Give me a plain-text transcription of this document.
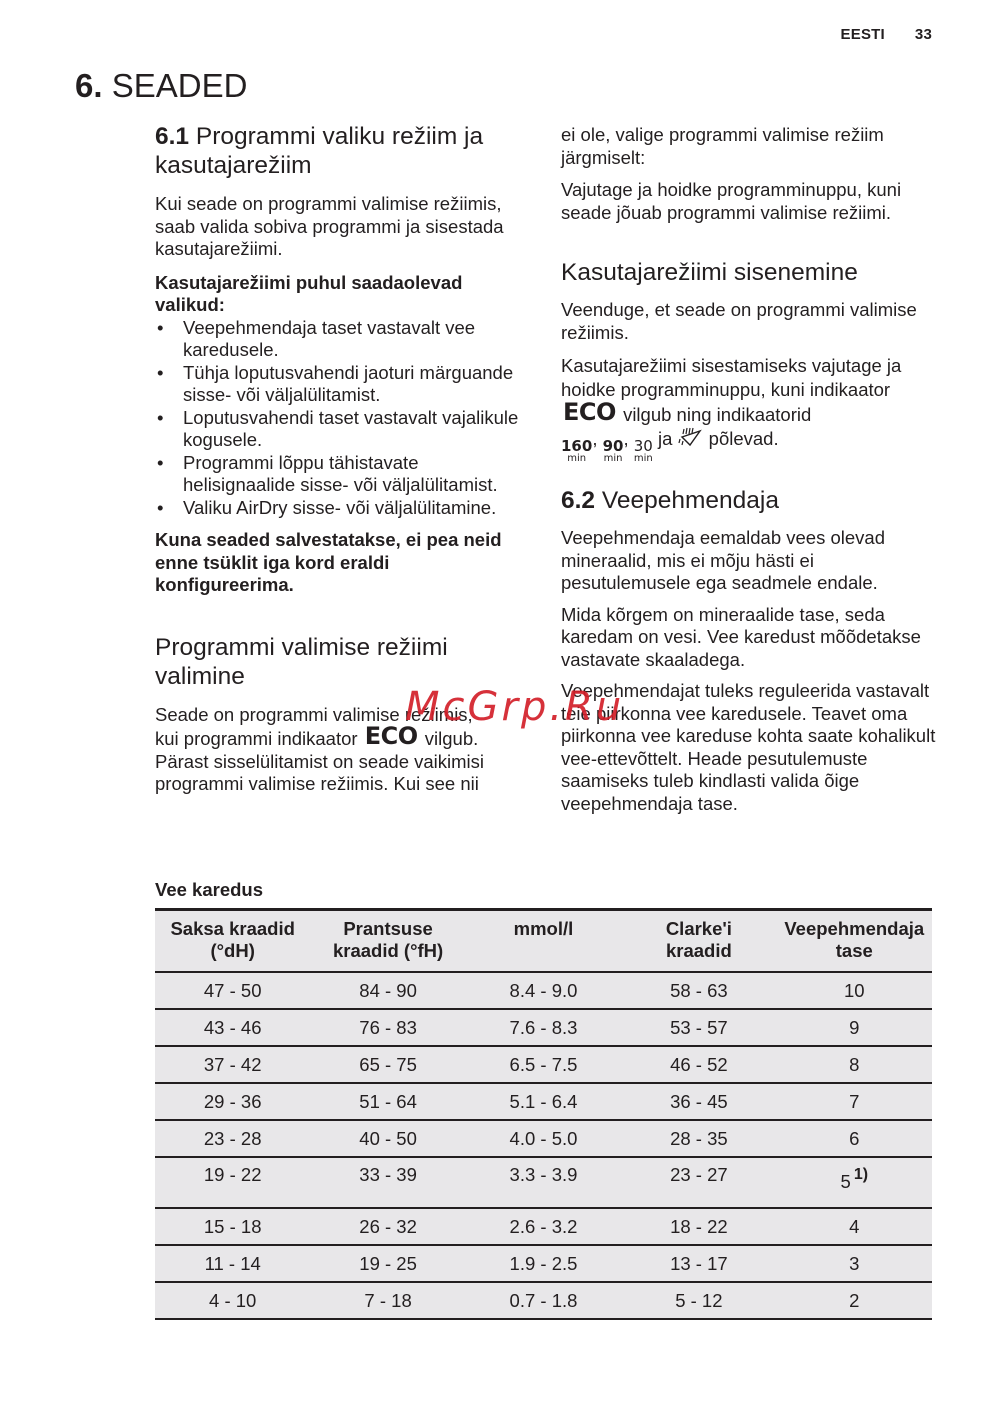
EESTI 33
6. SEADED
6.1 Programmi valiku režiim ja kasutajarežiim

Kui seade on programmi valimise režiimis, saab valida sobiva programmi ja sisestada kasutajarežiimi.

Kasutajarežiimi puhul saadaolevad valikud:

• Veepehmendaja taset vastavalt vee karedusele.
• Tühja loputusvahendi jaoturi märguande sisse- või väljalülitamist.
• Loputusvahendi taset vastavalt vajalikule kogusele.
• Programmi lõppu tähistavate helisignaalide sisse- või väljalülitamist.
• Valiku AirDry sisse- või väljalülitamine.

Kuna seaded salvestatakse, ei pea neid enne tsüklit iga kord eraldi konfigureerima.

Programmi valimise režiimi valimine

Seade on programmi valimise režiimis,
kui programmi indikaator ECO vilgub. Pärast sisselülitamist on seade vaikimisi programmi valimise režiimis. Kui see nii

ei ole, valige programmi valimise režiim järgmiselt:

Vajutage ja hoidke programminuppu, kuni seade jõuab programmi valimise režiimi.

Kasutajarežiimi sisenemine

Veenduge, et seade on programmi valimise režiimis.

Kasutajarežiimi sisestamiseks vajutage ja hoidke programminuppu, kuni indikaator ECO vilgub ning indikaatorid

160
min
, 90
min
, 30
min
ja põlevad.

6.2 Veepehmendaja

Veepehmendaja eemaldab vees olevad mineraalid, mis ei mõju hästi ei pesutulemusele ega seadmele endale.

Mida kõrgem on mineraalide tase, seda karedam on vesi. Vee karedust mõõdetakse vastavate skaaladega.

Veepehmendajat tuleks reguleerida vastavalt teie piirkonna vee karedusele. Teavet oma piirkonna vee kareduse kohta saate kohalikult vee-ettevõttelt. Heade pesutulemuste saamiseks tuleb kindlasti valida õige veepehmendaja tase.

McGrp.Ru
Vee karedus
Saksa kraadid
(°dH)	Prantsuse
kraadid (°fH)	mmol/l	Clarke'i
kraadid	Veepehmendaja
tase
47 - 50	84 - 90	8.4 - 9.0	58 - 63	10
43 - 46	76 - 83	7.6 - 8.3	53 - 57	9
37 - 42	65 - 75	6.5 - 7.5	46 - 52	8
29 - 36	51 - 64	5.1 - 6.4	36 - 45	7
23 - 28	40 - 50	4.0 - 5.0	28 - 35	6
19 - 22	33 - 39	3.3 - 3.9	23 - 27	5 1)
15 - 18	26 - 32	2.6 - 3.2	18 - 22	4
11 - 14	19 - 25	1.9 - 2.5	13 - 17	3
4 - 10	7 - 18	0.7 - 1.8	5 - 12	2
